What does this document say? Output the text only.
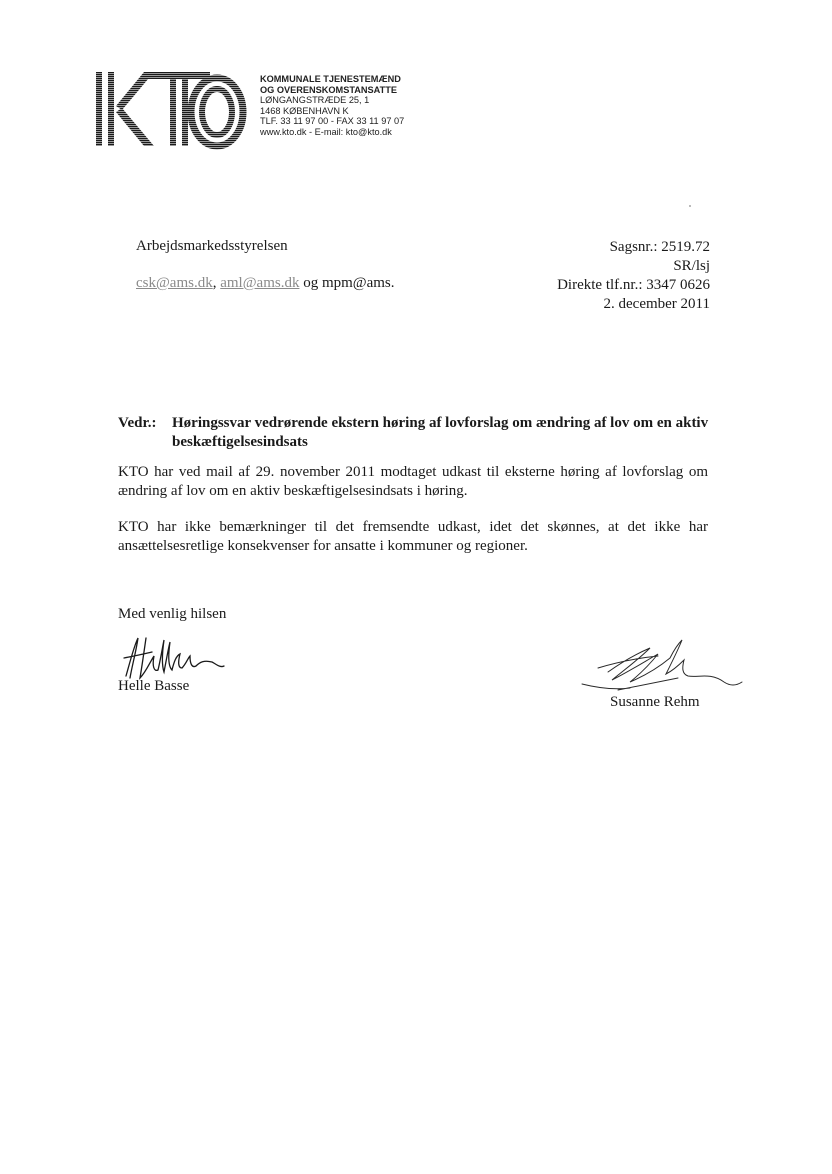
KOMMUNALE TJENESTEMÆND
OG OVERENSKOMSTANSATTE
LØNGANGSTRÆDE 25, 1
1468 KØBENHAVN K
TLF. 33 11 97 00 - FAX 33 11 97 07
www.kto.dk - E-mail: kto@kto.dk
Arbejdsmarkedsstyrelsen
csk@ams.dk, aml@ams.dk og mpm@ams.
Sagsnr.: 2519.72
SR/lsj
Direkte tlf.nr.: 3347 0626
2. december 2011
Vedr.: Høringssvar vedrørende ekstern høring af lovforslag om ændring af lov om en aktiv beskæftigelsesindsats
KTO har ved mail af 29. november 2011 modtaget udkast til eksterne høring af lovforslag om ændring af lov om en aktiv beskæftigelsesindsats i høring.
KTO har ikke bemærkninger til det fremsendte udkast, idet det skønnes, at det ikke har ansættelsesretlige konsekvenser for ansatte i kommuner og regioner.
Med venlig hilsen
Helle Basse
Susanne Rehm
